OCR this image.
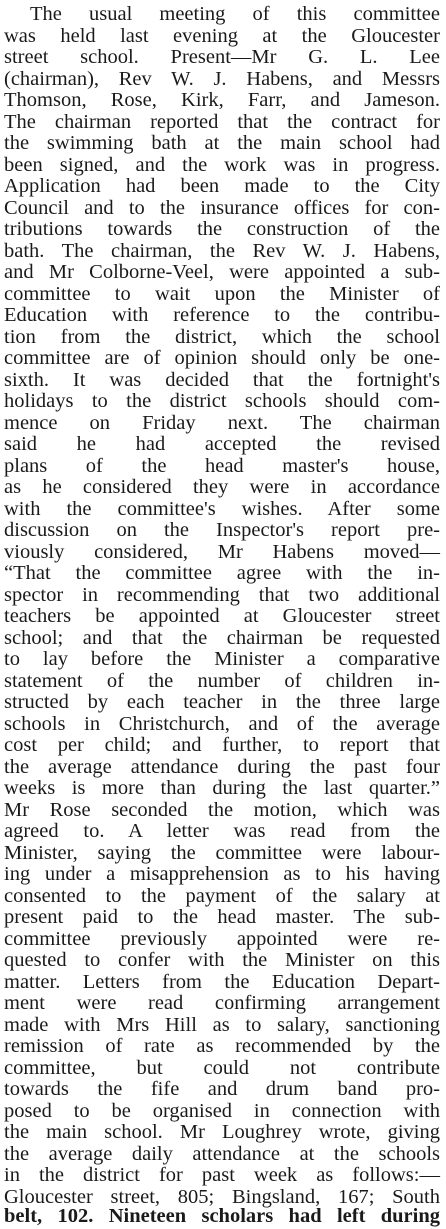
The usual meeting of this committee
was held last evening at the Gloucester
street school. Present—Mr G. L. Lee
(chairman), Rev W. J. Habens, and Messrs
Thomson, Rose, Kirk, Farr, and Jameson.
The chairman reported that the contract for
the swimming bath at the main school had
been signed, and the work was in progress.
Application had been made to the City
Council and to the insurance offices for con-
tributions towards the construction of the
bath. The chairman, the Rev W. J. Habens,
and Mr Colborne-Veel, were appointed a sub-
committee to wait upon the Minister of
Education with reference to the contribu-
tion from the district, which the school
committee are of opinion should only be one-
sixth. It was decided that the fortnight's
holidays to the district schools should com-
mence on Friday next. The chairman
said he had accepted the revised
plans of the head master's house,
as he considered they were in accordance
with the committee's wishes. After some
discussion on the Inspector's report pre-
viously considered, Mr Habens moved—
“That the committee agree with the in-
spector in recommending that two additional
teachers be appointed at Gloucester street
school; and that the chairman be requested
to lay before the Minister a comparative
statement of the number of children in-
structed by each teacher in the three large
schools in Christchurch, and of the average
cost per child; and further, to report that
the average attendance during the past four
weeks is more than during the last quarter.”
Mr Rose seconded the motion, which was
agreed to. A letter was read from the
Minister, saying the committee were labour-
ing under a misapprehension as to his having
consented to the payment of the salary at
present paid to the head master. The sub-
committee previously appointed were re-
quested to confer with the Minister on this
matter. Letters from the Education Depart-
ment were read confirming arrangement
made with Mrs Hill as to salary, sanctioning
remission of rate as recommended by the
committee, but could not contribute
towards the fife and drum band pro-
posed to be organised in connection with
the main school. Mr Loughrey wrote, giving
the average daily attendance at the schools
in the district for past week as follows:—
Gloucester street, 805; Bingsland, 167; South
belt, 102. Nineteen scholars had left during
